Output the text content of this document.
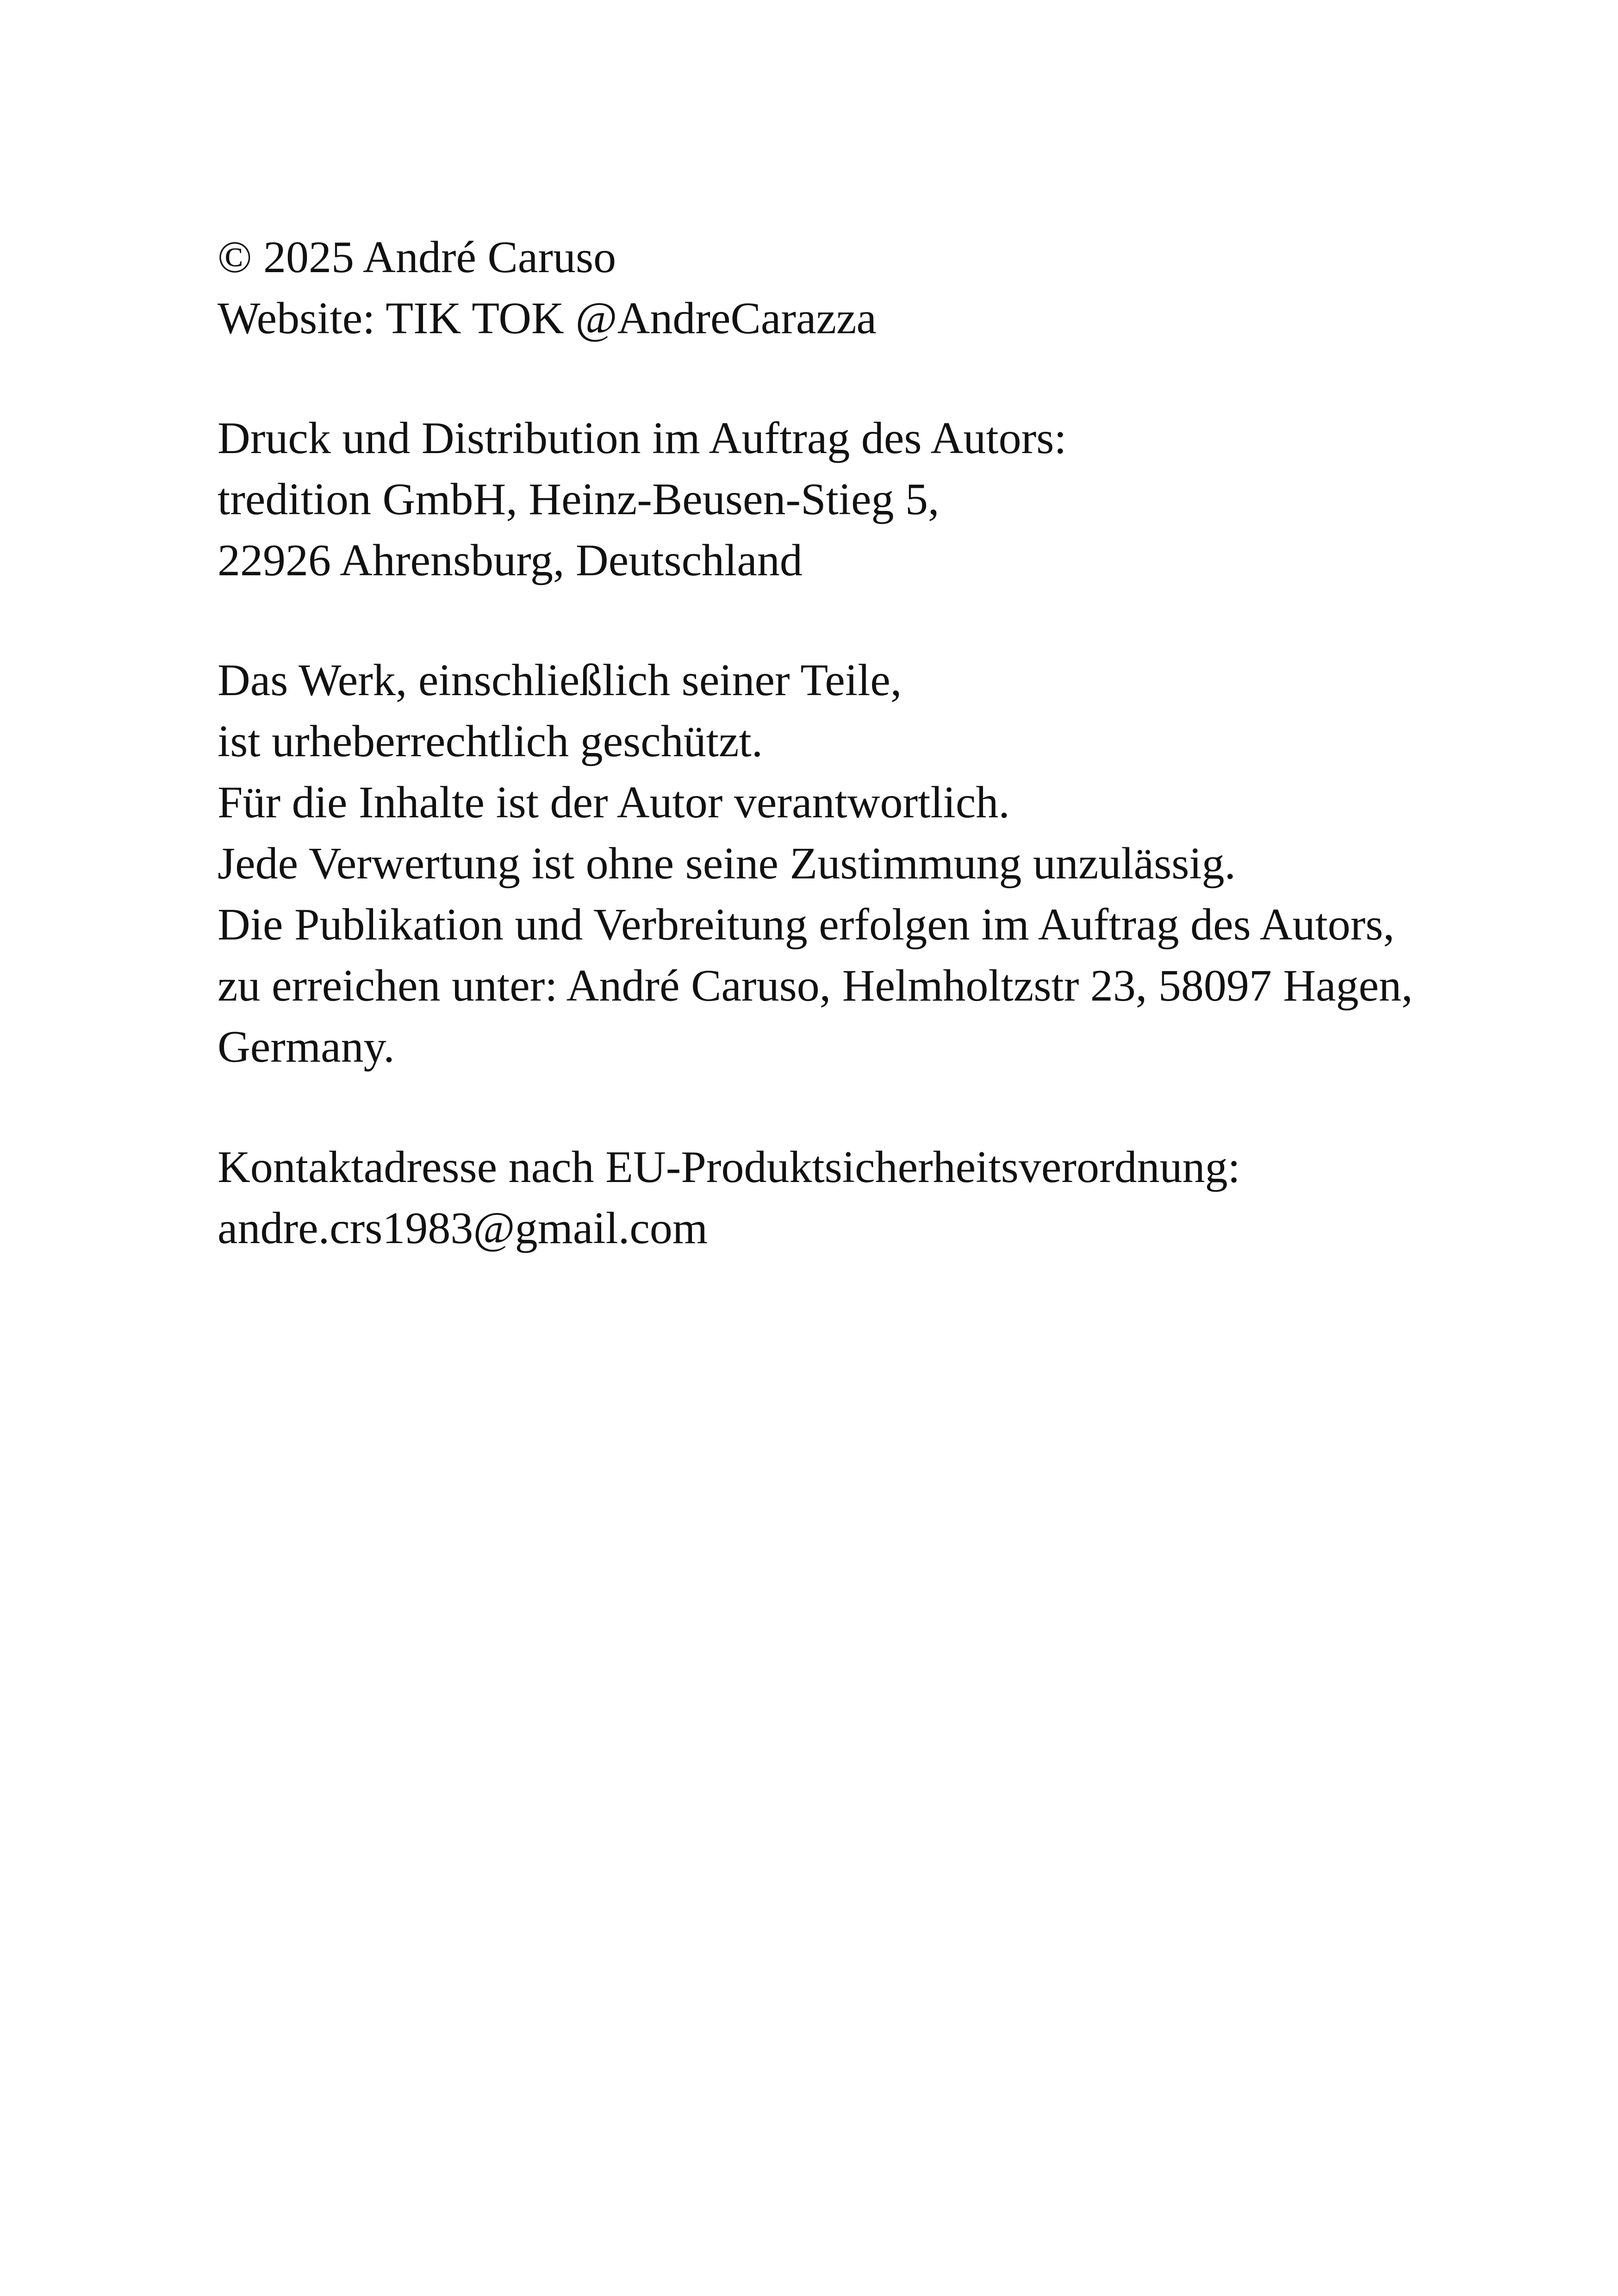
© 2025 André Caruso
Website: TIK TOK @AndreCarazza
Druck und Distribution im Auftrag des Autors:
tredition GmbH, Heinz-Beusen-Stieg 5,
22926 Ahrensburg, Deutschland
Das Werk, einschließlich seiner Teile,
ist urheberrechtlich geschützt.
Für die Inhalte ist der Autor verantwortlich.
Jede Verwertung ist ohne seine Zustimmung unzulässig.
Die Publikation und Verbreitung erfolgen im Auftrag des Autors,
zu erreichen unter: André Caruso, Helmholtzstr 23, 58097 Hagen,
Germany.
Kontaktadresse nach EU-Produktsicherheitsverordnung:
andre.crs1983@gmail.com
